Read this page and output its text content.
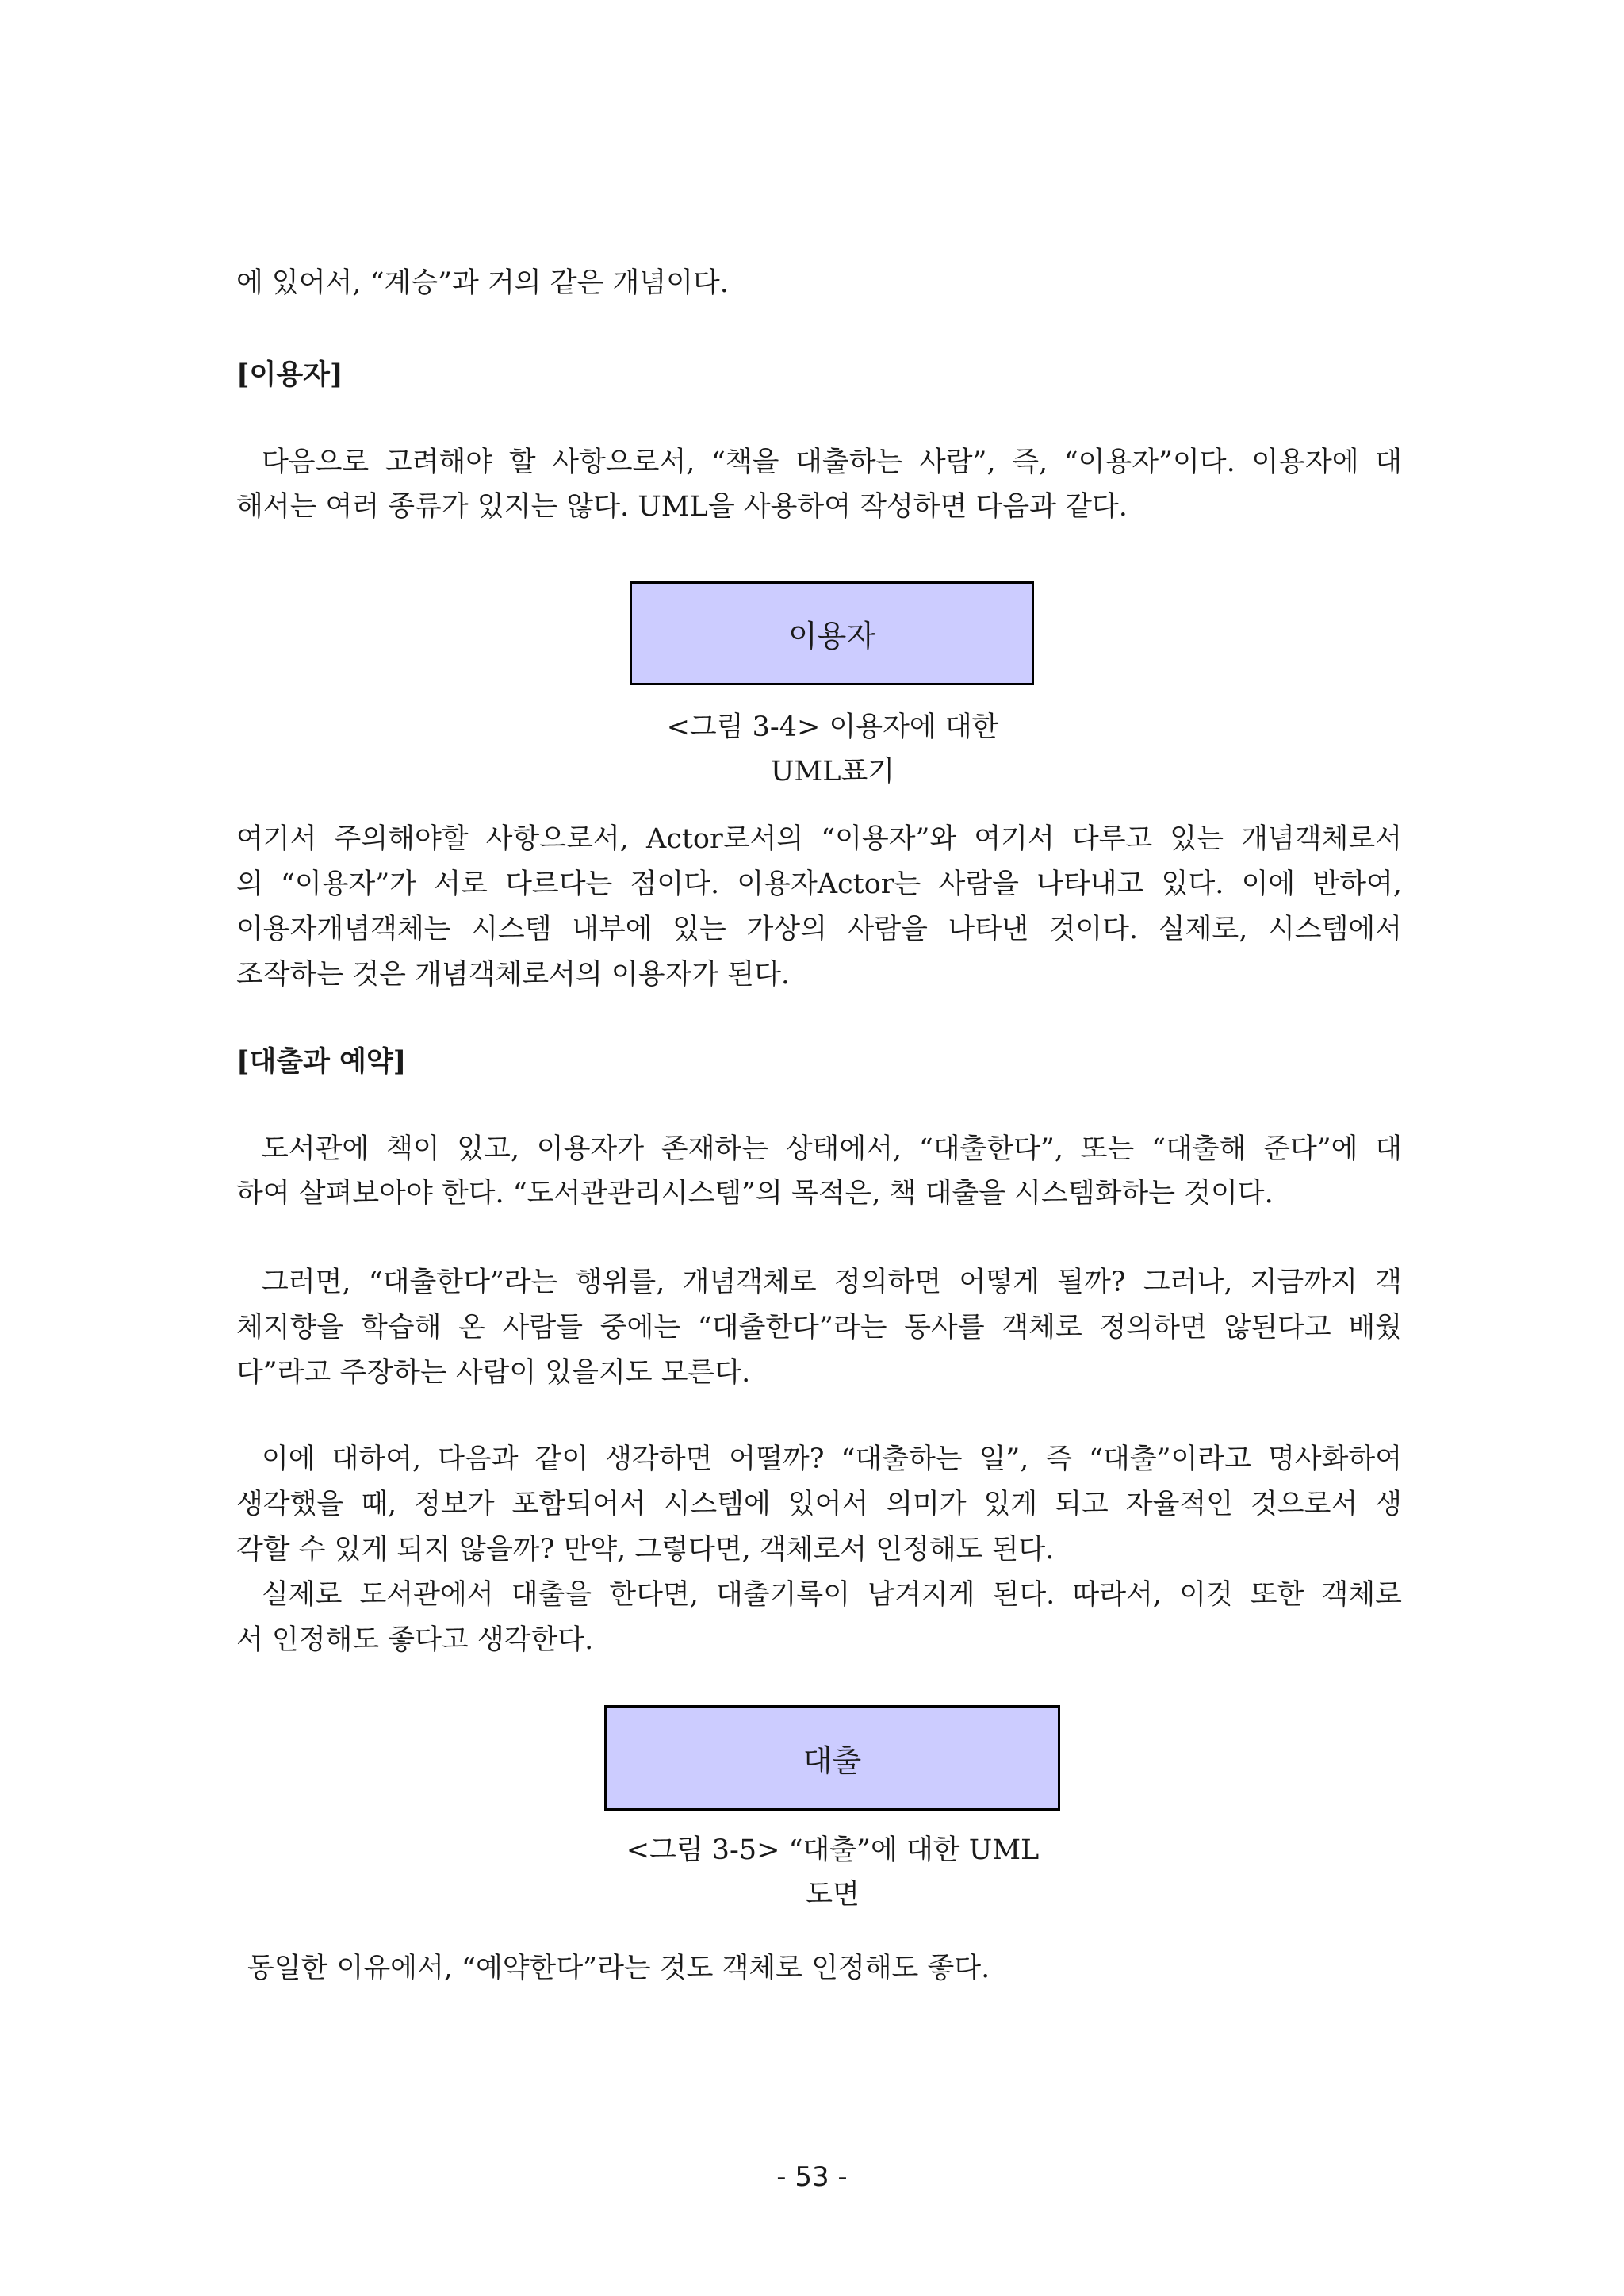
에 있어서, “계승”과 거의 같은 개념이다.
[이용자]
다음으로 고려해야 할 사항으로서, “책을 대출하는 사람”, 즉, “이용자”이다. 이용자에 대
해서는 여러 종류가 있지는 않다. UML을 사용하여 작성하면 다음과 같다.
이용자
<그림 3-4> 이용자에 대한
UML표기
여기서 주의해야할 사항으로서, Actor로서의 “이용자”와 여기서 다루고 있는 개념객체로서
의 “이용자”가 서로 다르다는 점이다. 이용자Actor는 사람을 나타내고 있다. 이에 반하여,
이용자개념객체는 시스템 내부에 있는 가상의 사람을 나타낸 것이다. 실제로, 시스템에서
조작하는 것은 개념객체로서의 이용자가 된다.
[대출과 예약]
도서관에 책이 있고, 이용자가 존재하는 상태에서, “대출한다”, 또는 “대출해 준다”에 대
하여 살펴보아야 한다. “도서관관리시스템”의 목적은, 책 대출을 시스템화하는 것이다.
그러면, “대출한다”라는 행위를, 개념객체로 정의하면 어떻게 될까? 그러나, 지금까지 객
체지향을 학습해 온 사람들 중에는 “대출한다”라는 동사를 객체로 정의하면 않된다고 배웠
다”라고 주장하는 사람이 있을지도 모른다.
이에 대하여, 다음과 같이 생각하면 어떨까? “대출하는 일”, 즉 “대출”이라고 명사화하여
생각했을 때, 정보가 포함되어서 시스템에 있어서 의미가 있게 되고 자율적인 것으로서 생
각할 수 있게 되지 않을까? 만약, 그렇다면, 객체로서 인정해도 된다.
실제로 도서관에서 대출을 한다면, 대출기록이 남겨지게 된다. 따라서, 이것 또한 객체로
서 인정해도 좋다고 생각한다.
대출
<그림 3-5> “대출”에 대한 UML
도면
동일한 이유에서, “예약한다”라는 것도 객체로 인정해도 좋다.
- 53 -
